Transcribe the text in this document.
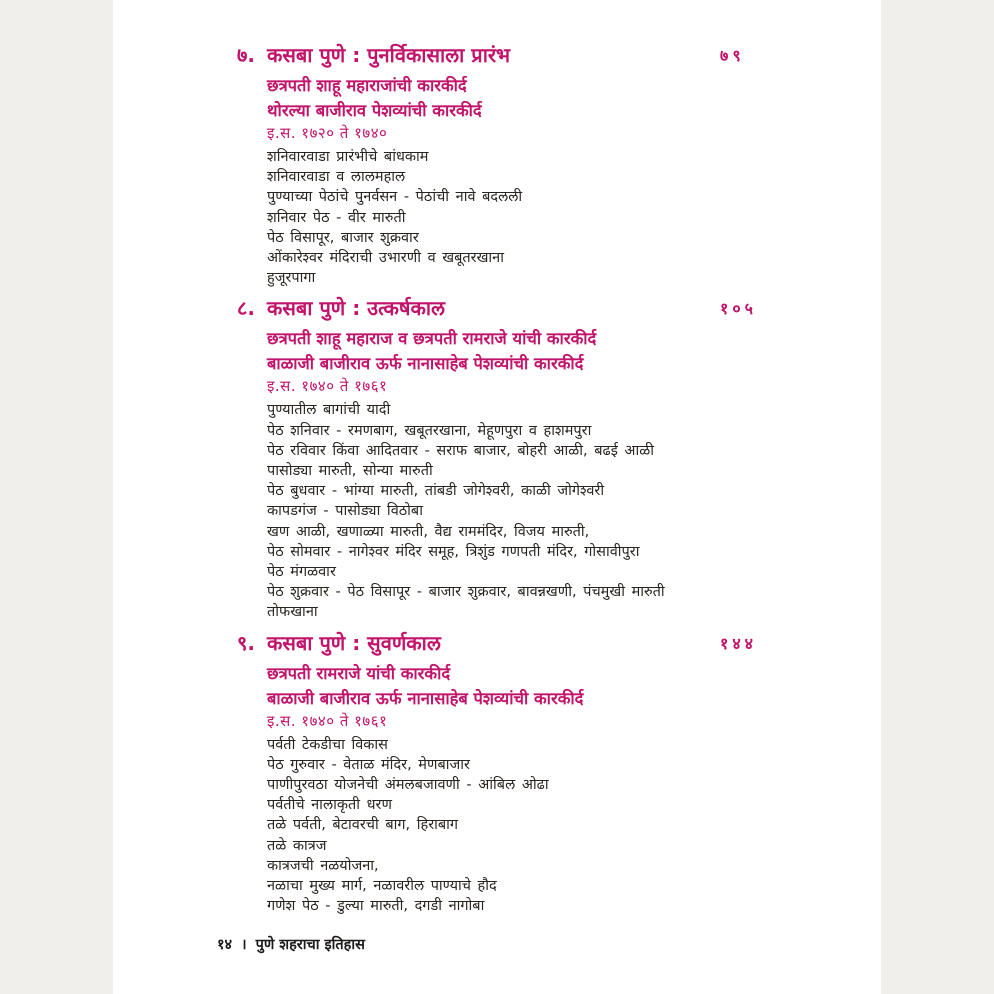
७. कसबा पुणे : पुनर्विकासाला प्रारंभ	७९
छत्रपती शाहू महाराजांची कारकीर्द
थोरल्या बाजीराव पेशव्यांची कारकीर्द
इ.स. १७२० ते १७४०
शनिवारवाडा प्रारंभीचे बांधकाम
शनिवारवाडा व लालमहाल
पुण्याच्या पेठांचे पुनर्वसन - पेठांची नावे बदलली
शनिवार पेठ - वीर मारुती
पेठ विसापूर, बाजार शुक्रवार
ओंकारेश्वर मंदिराची उभारणी व खबूतरखाना
हुजूरपागा
८. कसबा पुणे : उत्कर्षकाल	१०५
छत्रपती शाहू महाराज व छत्रपती रामराजे यांची कारकीर्द
बाळाजी बाजीराव ऊर्फ नानासाहेब पेशव्यांची कारकीर्द
इ.स. १७४० ते १७६१
पुण्यातील बागांची यादी
पेठ शनिवार - रमणबाग, खबूतरखाना, मेहूणपुरा व हाशमपुरा
पेठ रविवार किंवा आदितवार - सराफ बाजार, बोहरी आळी, बढई आळी
पासोड्या मारुती, सोन्या मारुती
पेठ बुधवार - भांग्या मारुती, तांबडी जोगेश्वरी, काळी जोगेश्वरी
कापडगंज - पासोड्या विठोबा
खण आळी, खणाळ्या मारुती, वैद्य राममंदिर, विजय मारुती,
पेठ सोमवार - नागेश्वर मंदिर समूह, त्रिशुंड गणपती मंदिर, गोसावीपुरा
पेठ मंगळवार
पेठ शुक्रवार - पेठ विसापूर - बाजार शुक्रवार, बावन्नखणी, पंचमुखी मारुती
तोफखाना
९. कसबा पुणे : सुवर्णकाल	१४४
छत्रपती रामराजे यांची कारकीर्द
बाळाजी बाजीराव ऊर्फ नानासाहेब पेशव्यांची कारकीर्द
इ.स. १७४० ते १७६१
पर्वती टेकडीचा विकास
पेठ गुरुवार - वेताळ मंदिर, मेणबाजार
पाणीपुरवठा योजनेची अंमलबजावणी - आंबिल ओढा
पर्वतीचे नालाकृती धरण
तळे पर्वती, बेटावरची बाग, हिराबाग
तळे कात्रज
कात्रजची नळयोजना,
नळाचा मुख्य मार्ग, नळावरील पाण्याचे हौद
गणेश पेठ - डुल्या मारुती, दगडी नागोबा
१४ । पुणे शहराचा इतिहास
